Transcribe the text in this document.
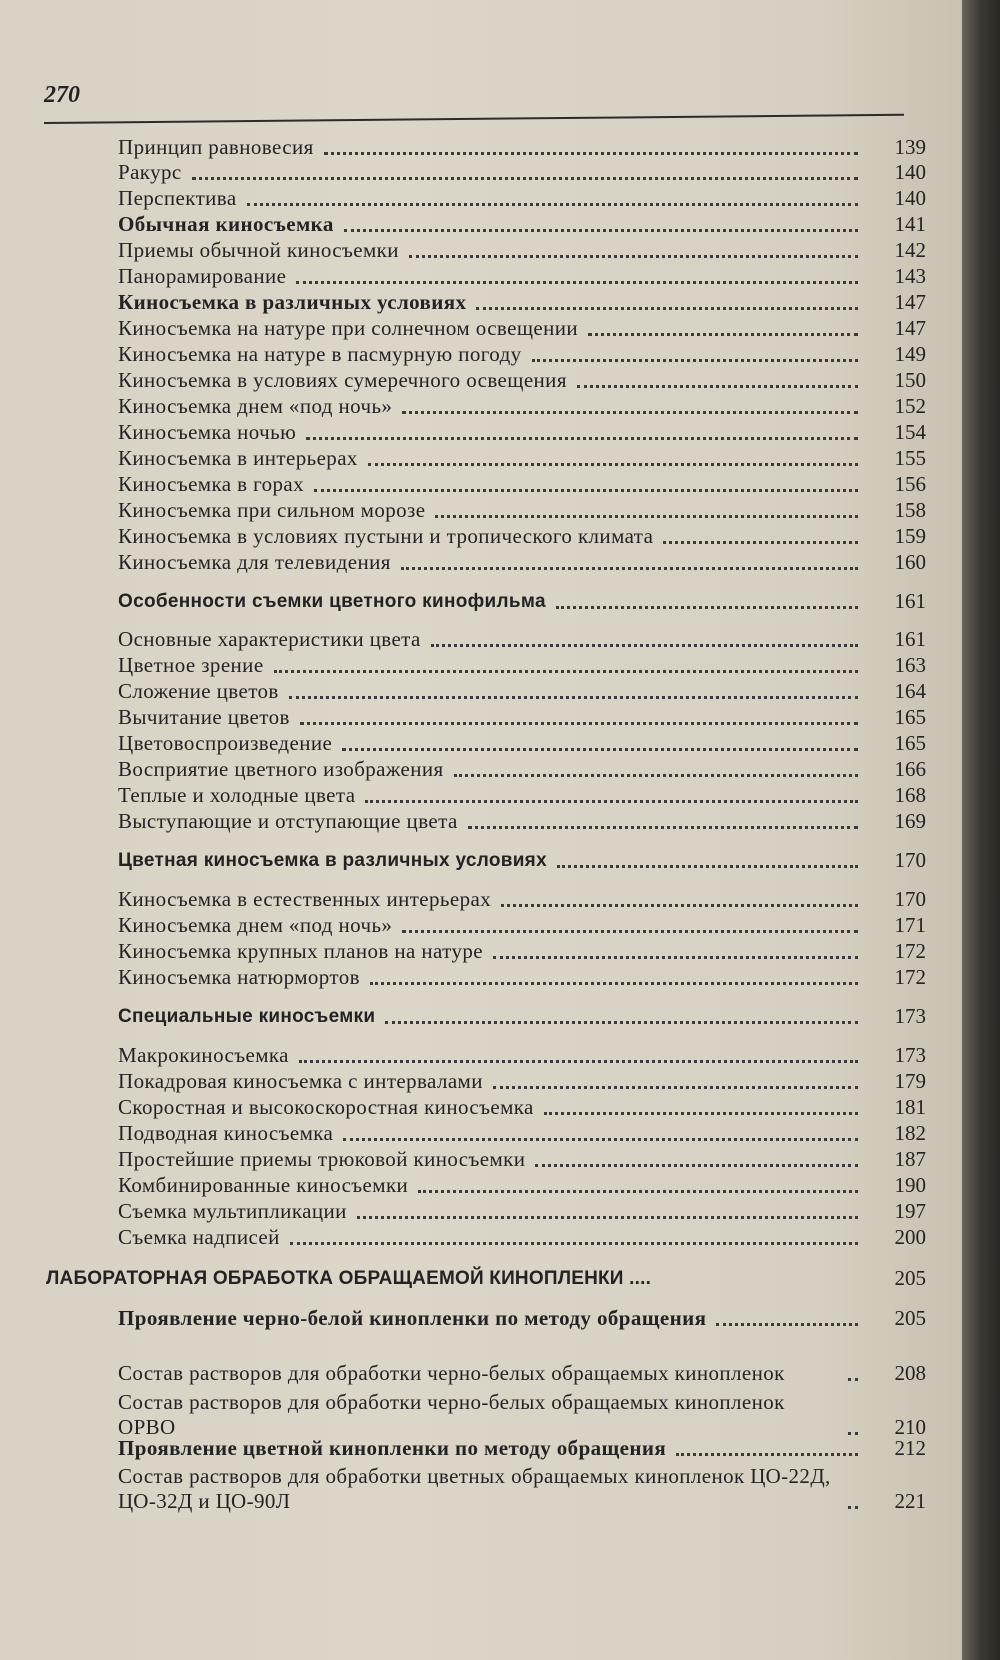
270
Принцип равновесия	139
Ракурс	140
Перспектива	140
Обычная киносъемка	141
Приемы обычной киносъемки	142
Панорамирование	143
Киносъемка в различных условиях	147
Киносъемка на натуре при солнечном освещении	147
Киносъемка на натуре в пасмурную погоду	149
Киносъемка в условиях сумеречного освещения	150
Киносъемка днем «под ночь»	152
Киносъемка ночью	154
Киносъемка в интерьерах	155
Киносъемка в горах	156
Киносъемка при сильном морозе	158
Киносъемка в условиях пустыни и тропического климата	159
Киносъемка для телевидения	160
Особенности съемки цветного кинофильма	161
Основные характеристики цвета	161
Цветное зрение	163
Сложение цветов	164
Вычитание цветов	165
Цветовоспроизведение	165
Восприятие цветного изображения	166
Теплые и холодные цвета	168
Выступающие и отступающие цвета	169
Цветная киносъемка в различных условиях	170
Киносъемка в естественных интерьерах	170
Киносъемка днем «под ночь»	171
Киносъемка крупных планов на натуре	172
Киносъемка натюрмортов	172
Специальные киносъемки	173
Макрокиносъемка	173
Покадровая киносъемка с интервалами	179
Скоростная и высокоскоростная киносъемка	181
Подводная киносъемка	182
Простейшие приемы трюковой киносъемки	187
Комбинированные киносъемки	190
Съемка мультипликации	197
Съемка надписей	200
ЛАБОРАТОРНАЯ ОБРАБОТКА ОБРАЩАЕМОЙ КИНОПЛЕНКИ ....	205
Проявление черно-белой кинопленки по методу обращения	205
Состав растворов для обработки черно-белых обращаемых кинопленок	208
Состав растворов для обработки черно-белых обращаемых кинопленок ОРВО	210
Проявление цветной кинопленки по методу обращения	212
Состав растворов для обработки цветных обращаемых кинопленок ЦО-22Д, ЦО-32Д и ЦО-90Л	221
